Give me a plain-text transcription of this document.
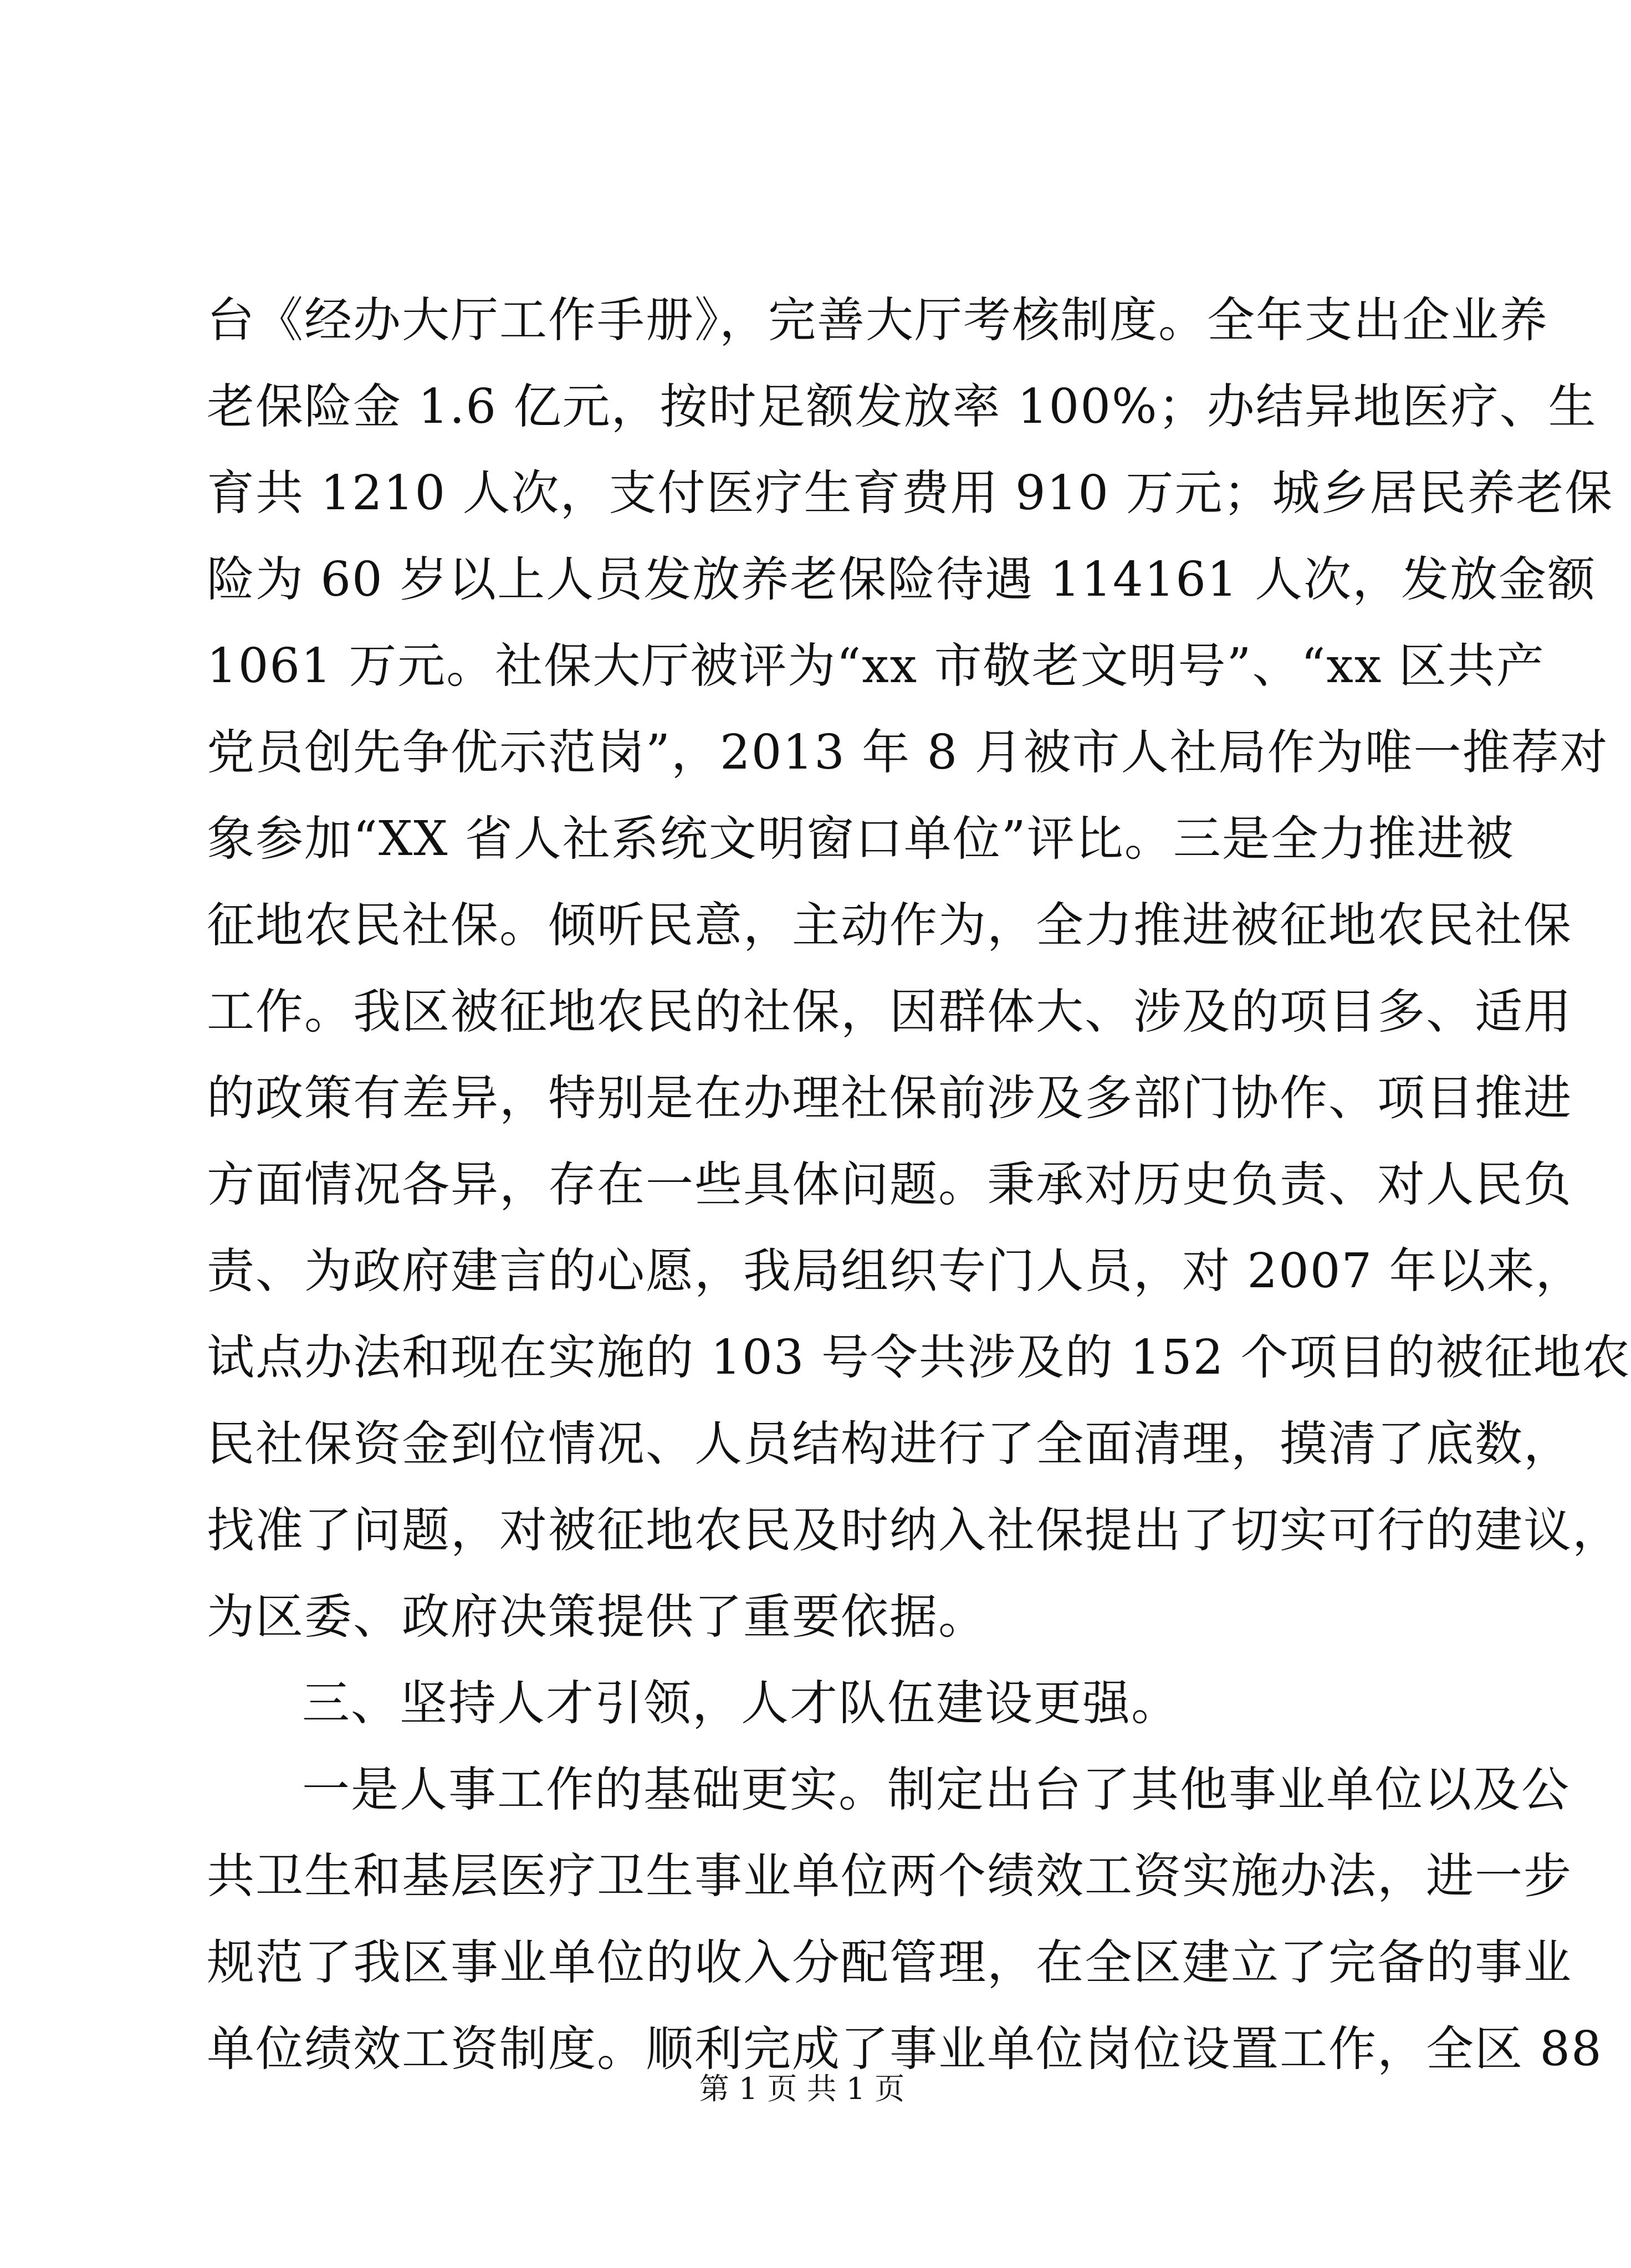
台《经办大厅工作手册》，完善大厅考核制度。全年支出企业养
老保险金 1.6 亿元，按时足额发放率 100%；办结异地医疗、生
育共 1210 人次，支付医疗生育费用 910 万元；城乡居民养老保
险为 60 岁以上人员发放养老保险待遇 114161 人次，发放金额
1061 万元。社保大厅被评为“xx 市敬老文明号”、“xx 区共产
党员创先争优示范岗”，2013 年 8 月被市人社局作为唯一推荐对
象参加“XX 省人社系统文明窗口单位”评比。三是全力推进被
征地农民社保。倾听民意，主动作为，全力推进被征地农民社保
工作。我区被征地农民的社保，因群体大、涉及的项目多、适用
的政策有差异，特别是在办理社保前涉及多部门协作、项目推进
方面情况各异，存在一些具体问题。秉承对历史负责、对人民负
责、为政府建言的心愿，我局组织专门人员，对 2007 年以来，
试点办法和现在实施的 103 号令共涉及的 152 个项目的被征地农
民社保资金到位情况、人员结构进行了全面清理，摸清了底数，
找准了问题，对被征地农民及时纳入社保提出了切实可行的建议，
为区委、政府决策提供了重要依据。
三、坚持人才引领，人才队伍建设更强。
一是人事工作的基础更实。制定出台了其他事业单位以及公
共卫生和基层医疗卫生事业单位两个绩效工资实施办法，进一步
规范了我区事业单位的收入分配管理，在全区建立了完备的事业
单位绩效工资制度。顺利完成了事业单位岗位设置工作，全区 88
第 1 页 共 1 页
